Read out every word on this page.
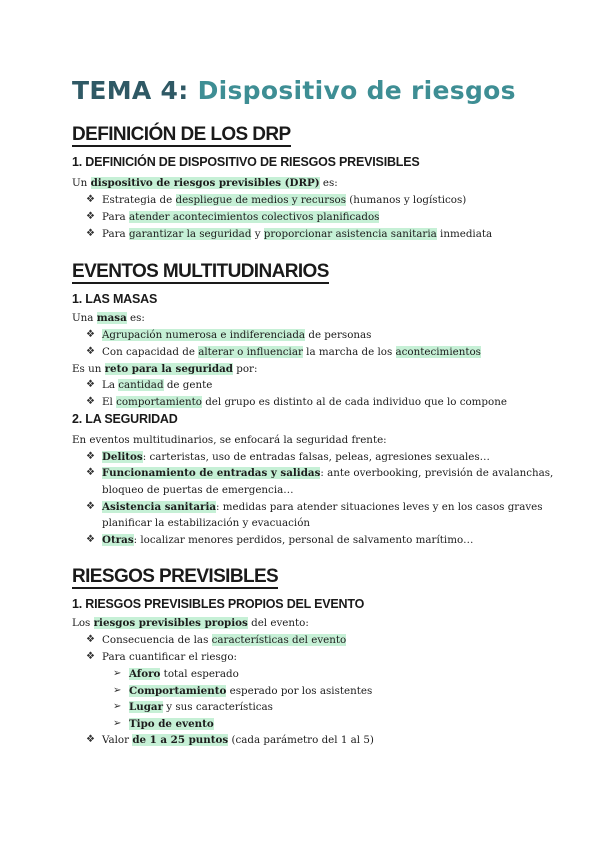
TEMA 4: Dispositivo de riesgos
DEFINICIÓN DE LOS DRP
1. DEFINICIÓN DE DISPOSITIVO DE RIESGOS PREVISIBLES
Un dispositivo de riesgos previsibles (DRP) es:
❖ Estrategia de despliegue de medios y recursos (humanos y logísticos)
❖ Para atender acontecimientos colectivos planificados
❖ Para garantizar la seguridad y proporcionar asistencia sanitaria inmediata
EVENTOS MULTITUDINARIOS
1. LAS MASAS
Una masa es:
❖ Agrupación numerosa e indiferenciada de personas
❖ Con capacidad de alterar o influenciar la marcha de los acontecimientos
Es un reto para la seguridad por:
❖ La cantidad de gente
❖ El comportamiento del grupo es distinto al de cada individuo que lo compone
2. LA SEGURIDAD
En eventos multitudinarios, se enfocará la seguridad frente:
❖ Delitos: carteristas, uso de entradas falsas, peleas, agresiones sexuales…
❖ Funcionamiento de entradas y salidas: ante overbooking, previsión de avalanchas,
bloqueo de puertas de emergencia…
❖ Asistencia sanitaria: medidas para atender situaciones leves y en los casos graves
planificar la estabilización y evacuación
❖ Otras: localizar menores perdidos, personal de salvamento marítimo…
RIESGOS PREVISIBLES
1. RIESGOS PREVISIBLES PROPIOS DEL EVENTO
Los riesgos previsibles propios del evento:
❖ Consecuencia de las características del evento
❖ Para cuantificar el riesgo:
➢ Aforo total esperado
➢ Comportamiento esperado por los asistentes
➢ Lugar y sus características
➢ Tipo de evento
❖ Valor de 1 a 25 puntos (cada parámetro del 1 al 5)
